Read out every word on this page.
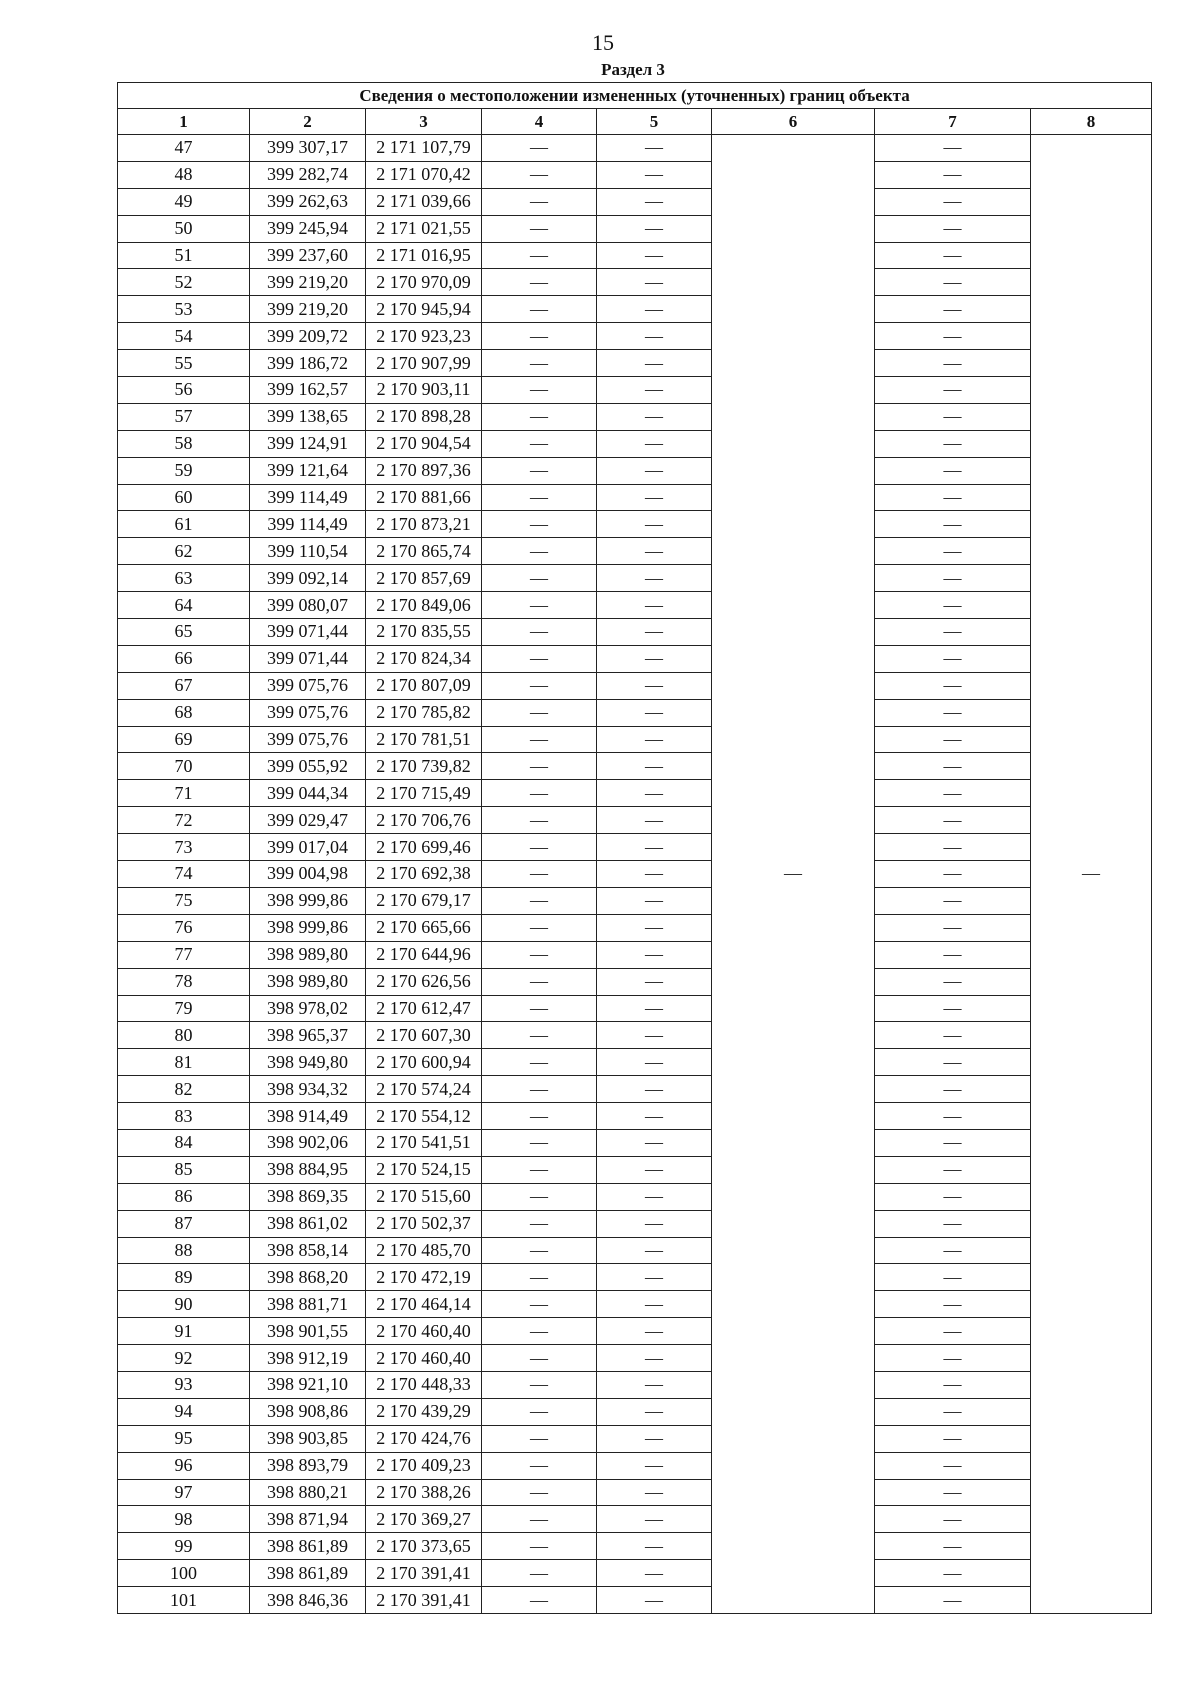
15
Раздел 3
Сведения о местоположении измененных (уточненных) границ объекта							
1	2	3	4	5	6	7	8
47	399 307,17	2 171 107,79	—	—	—	—	—

48	399 282,74	2 171 070,42	—	—		—	
49	399 262,63	2 171 039,66	—	—		—	
50	399 245,94	2 171 021,55	—	—		—	
51	399 237,60	2 171 016,95	—	—		—	
52	399 219,20	2 170 970,09	—	—		—	
53	399 219,20	2 170 945,94	—	—		—	
54	399 209,72	2 170 923,23	—	—		—	
55	399 186,72	2 170 907,99	—	—		—	
56	399 162,57	2 170 903,11	—	—		—	
57	399 138,65	2 170 898,28	—	—		—	
58	399 124,91	2 170 904,54	—	—		—	
59	399 121,64	2 170 897,36	—	—		—	
60	399 114,49	2 170 881,66	—	—		—	
61	399 114,49	2 170 873,21	—	—		—	
62	399 110,54	2 170 865,74	—	—		—	
63	399 092,14	2 170 857,69	—	—		—	
64	399 080,07	2 170 849,06	—	—		—	
65	399 071,44	2 170 835,55	—	—		—	
66	399 071,44	2 170 824,34	—	—		—	
67	399 075,76	2 170 807,09	—	—		—	
68	399 075,76	2 170 785,82	—	—		—	
69	399 075,76	2 170 781,51	—	—		—	
70	399 055,92	2 170 739,82	—	—		—	
71	399 044,34	2 170 715,49	—	—		—	
72	399 029,47	2 170 706,76	—	—		—	
73	399 017,04	2 170 699,46	—	—		—	
74	399 004,98	2 170 692,38	—	—		—	
75	398 999,86	2 170 679,17	—	—		—	
76	398 999,86	2 170 665,66	—	—		—	
77	398 989,80	2 170 644,96	—	—		—	
78	398 989,80	2 170 626,56	—	—		—	
79	398 978,02	2 170 612,47	—	—		—	
80	398 965,37	2 170 607,30	—	—		—	
81	398 949,80	2 170 600,94	—	—		—	
82	398 934,32	2 170 574,24	—	—		—	
83	398 914,49	2 170 554,12	—	—		—	
84	398 902,06	2 170 541,51	—	—		—	
85	398 884,95	2 170 524,15	—	—		—	
86	398 869,35	2 170 515,60	—	—		—	
87	398 861,02	2 170 502,37	—	—		—	
88	398 858,14	2 170 485,70	—	—		—	
89	398 868,20	2 170 472,19	—	—		—	
90	398 881,71	2 170 464,14	—	—		—	
91	398 901,55	2 170 460,40	—	—		—	
92	398 912,19	2 170 460,40	—	—		—	
93	398 921,10	2 170 448,33	—	—		—	
94	398 908,86	2 170 439,29	—	—		—	
95	398 903,85	2 170 424,76	—	—		—	
96	398 893,79	2 170 409,23	—	—		—	
97	398 880,21	2 170 388,26	—	—		—	
98	398 871,94	2 170 369,27	—	—		—	
99	398 861,89	2 170 373,65	—	—		—	
100	398 861,89	2 170 391,41	—	—		—	
101	398 846,36	2 170 391,41	—	—		—	
